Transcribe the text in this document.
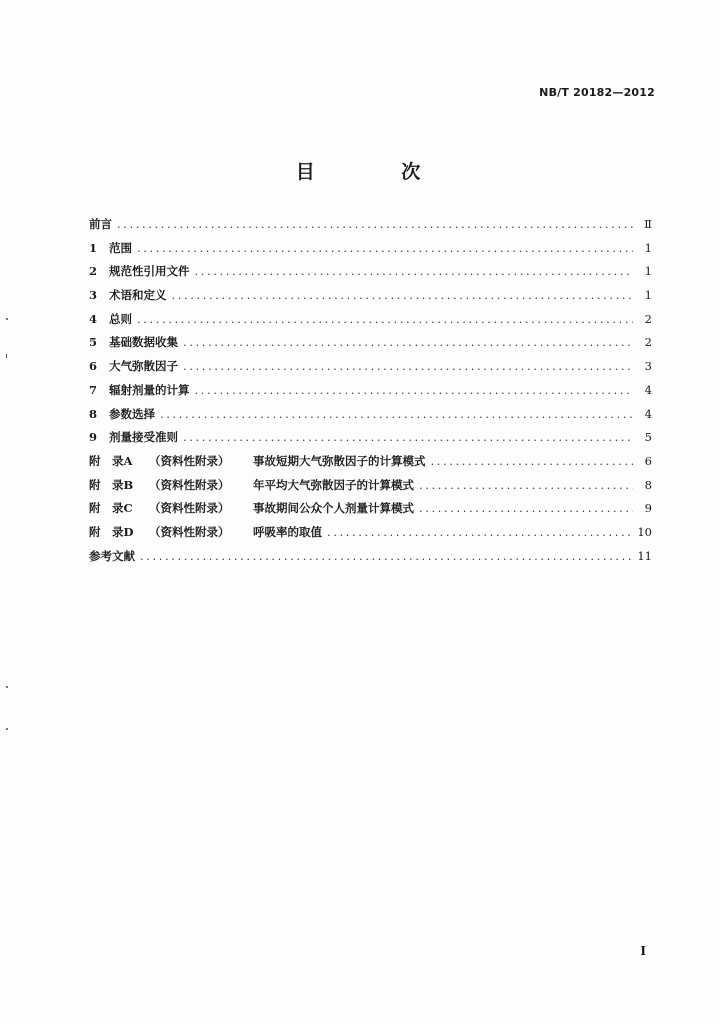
NB/T 20182—2012
目 次
前言 .....	Ⅱ
1	范围 .....	1
2	规范性引用文件 .....	1
3	术语和定义 .....	1
4	总则 .....	2
5	基础数据收集 .....	2
6	大气弥散因子 .....	3
7	辐射剂量的计算 .....	4
8	参数选择 .....	4
9	剂量接受准则 .....	5
附　录A	（资料性附录）	事故短期大气弥散因子的计算模式 .....	6
附　录B	（资料性附录）	年平均大气弥散因子的计算模式 .....	8
附　录C	（资料性附录）	事故期间公众个人剂量计算模式 .....	9
附　录D	（资料性附录）	呼吸率的取值 .....	10
参考文献 .....	11
I
